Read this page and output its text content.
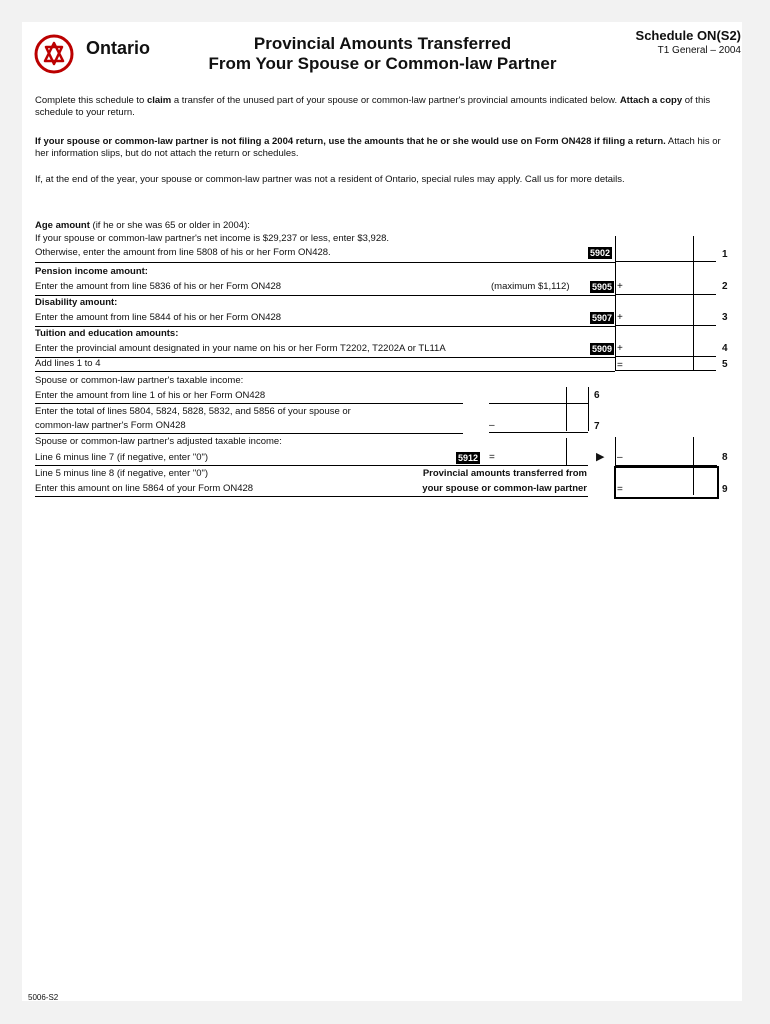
Ontario	Provincial Amounts Transferred
From Your Spouse or Common-law Partner
Schedule ON(S2)
T1 General – 2004
Complete this schedule to claim a transfer of the unused part of your spouse or common-law partner's provincial amounts indicated below. Attach a copy of this schedule to your return.
If your spouse or common-law partner is not filing a 2004 return, use the amounts that he or she would use on Form ON428 if filing a return. Attach his or her information slips, but do not attach the return or schedules.
If, at the end of the year, your spouse or common-law partner was not a resident of Ontario, special rules may apply. Call us for more details.
Age amount (if he or she was 65 or older in 2004):
If your spouse or common-law partner's net income is $29,237 or less, enter $3,928.
Otherwise, enter the amount from line 5808 of his or her Form ON428.	5902	1
Pension income amount:
Enter the amount from line 5836 of his or her Form ON428	(maximum $1,112)	5905 +	2
Disability amount:
Enter the amount from line 5844 of his or her Form ON428	5907 +	3
Tuition and education amounts:
Enter the provincial amount designated in your name on his or her Form T2202, T2202A or TL11A	5909 +	4
Add lines 1 to 4	=	5
Spouse or common-law partner's taxable income:
Enter the amount from line 1 of his or her Form ON428	6
Enter the total of lines 5804, 5824, 5828, 5832, and 5856 of your spouse or
common-law partner's Form ON428	–	7
Spouse or common-law partner's adjusted taxable income:
Line 6 minus line 7 (if negative, enter "0")	5912 =	▶ –	8
Line 5 minus line 8 (if negative, enter "0")
Enter this amount on line 5864 of your Form ON428
Provincial amounts transferred from
your spouse or common-law partner	=	9
5006-S2
